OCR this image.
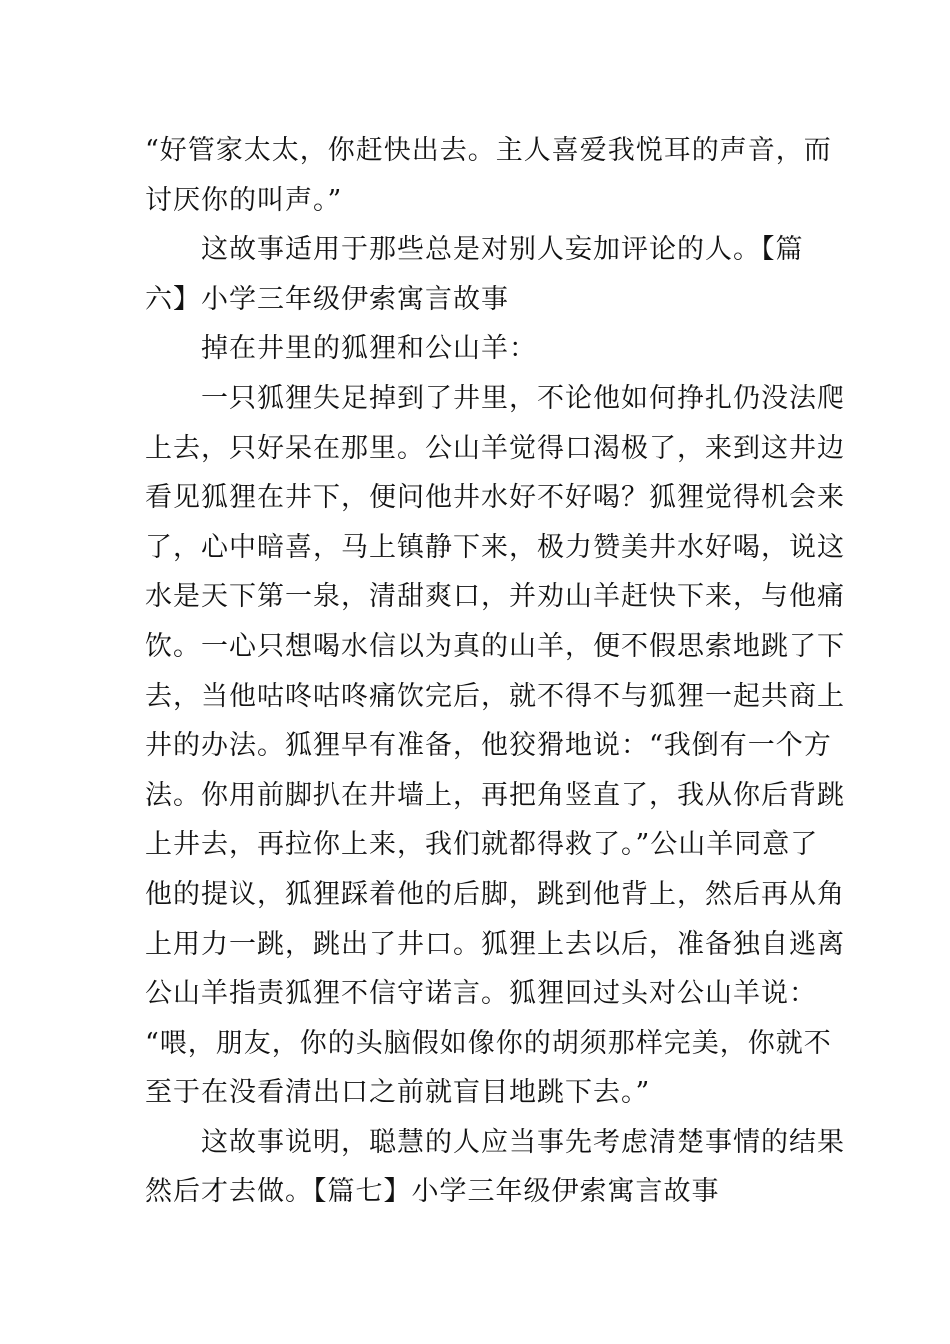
“好管家太太，你赶快出去。主人喜爱我悦耳的声音，而
讨厌你的叫声。”
这故事适用于那些总是对别人妄加评论的人。【篇
六】小学三年级伊索寓言故事
掉在井里的狐狸和公山羊：
一只狐狸失足掉到了井里，不论他如何挣扎仍没法爬
上去，只好呆在那里。公山羊觉得口渴极了，来到这井边
看见狐狸在井下，便问他井水好不好喝？狐狸觉得机会来
了，心中暗喜，马上镇静下来，极力赞美井水好喝，说这
水是天下第一泉，清甜爽口，并劝山羊赶快下来，与他痛
饮。一心只想喝水信以为真的山羊，便不假思索地跳了下
去，当他咕咚咕咚痛饮完后，就不得不与狐狸一起共商上
井的办法。狐狸早有准备，他狡猾地说：“我倒有一个方
法。你用前脚扒在井墙上，再把角竖直了，我从你后背跳
上井去，再拉你上来，我们就都得救了。”公山羊同意了
他的提议，狐狸踩着他的后脚，跳到他背上，然后再从角
上用力一跳，跳出了井口。狐狸上去以后，准备独自逃离
公山羊指责狐狸不信守诺言。狐狸回过头对公山羊说：
“喂，朋友，你的头脑假如像你的胡须那样完美，你就不
至于在没看清出口之前就盲目地跳下去。”
这故事说明，聪慧的人应当事先考虑清楚事情的结果
然后才去做。【篇七】小学三年级伊索寓言故事
